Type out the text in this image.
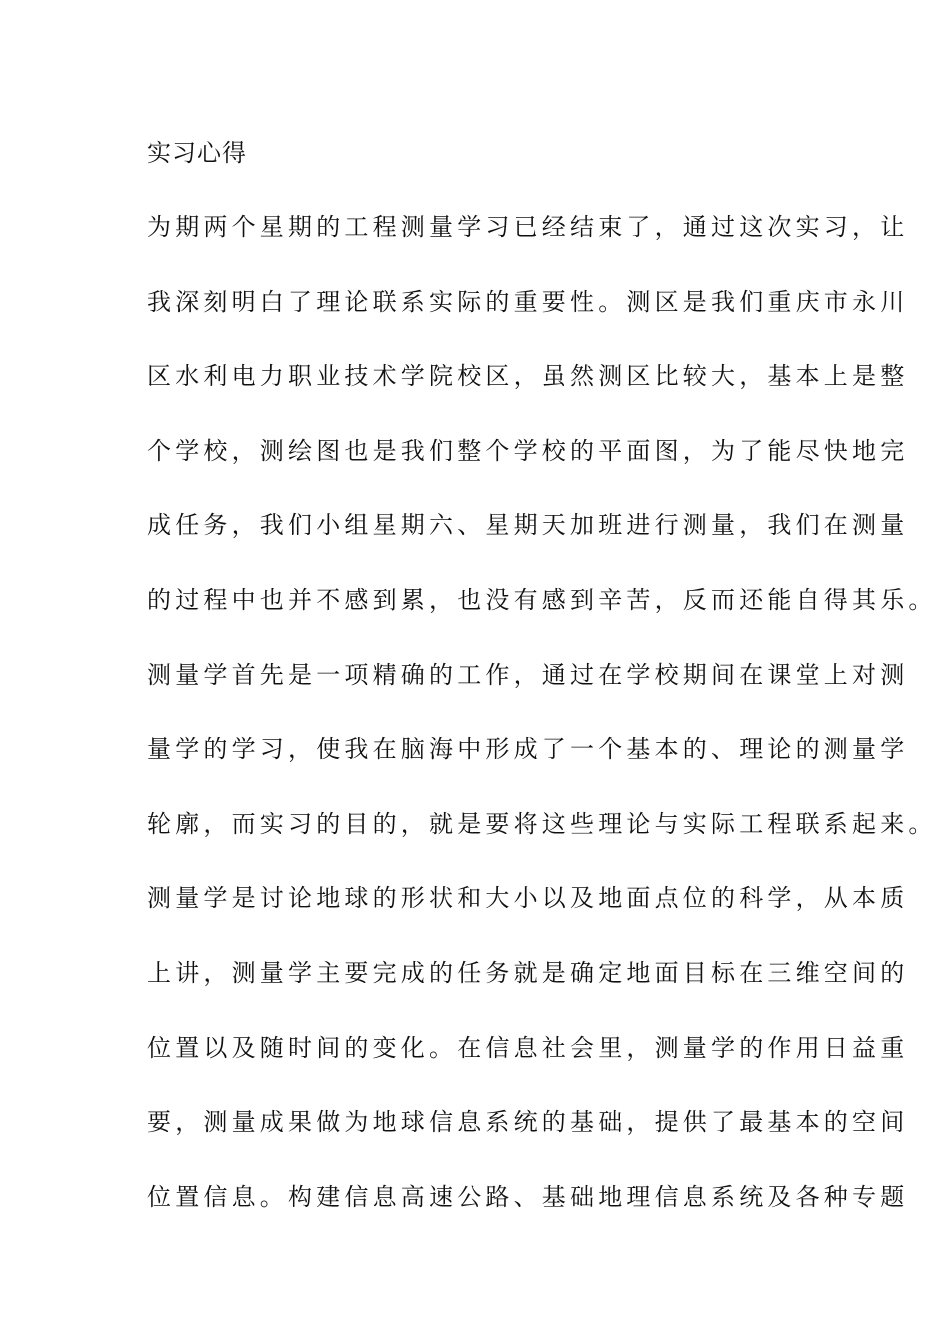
实习心得
为期两个星期的工程测量学习已经结束了，通过这次实习，让
我深刻明白了理论联系实际的重要性。测区是我们重庆市永川
区水利电力职业技术学院校区，虽然测区比较大，基本上是整
个学校，测绘图也是我们整个学校的平面图，为了能尽快地完
成任务，我们小组星期六、星期天加班进行测量，我们在测量
的过程中也并不感到累，也没有感到辛苦，反而还能自得其乐。
测量学首先是一项精确的工作，通过在学校期间在课堂上对测
量学的学习，使我在脑海中形成了一个基本的、理论的测量学
轮廓，而实习的目的，就是要将这些理论与实际工程联系起来。
测量学是讨论地球的形状和大小以及地面点位的科学，从本质
上讲，测量学主要完成的任务就是确定地面目标在三维空间的
位置以及随时间的变化。在信息社会里，测量学的作用日益重
要，测量成果做为地球信息系统的基础，提供了最基本的空间
位置信息。构建信息高速公路、基础地理信息系统及各种专题
